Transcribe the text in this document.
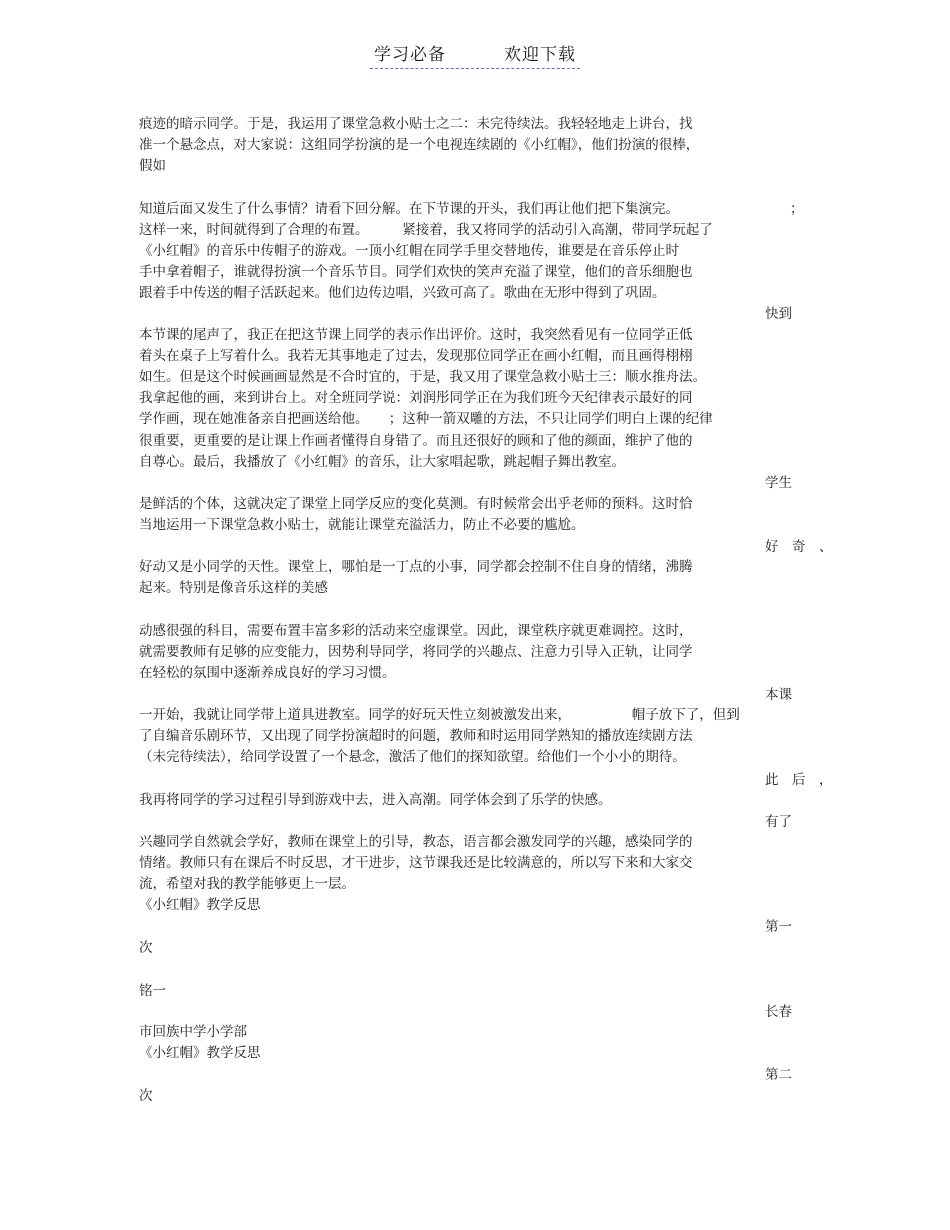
学习必备	欢迎下载
痕迹的暗示同学。于是，我运用了课堂急救小贴士之二：未完待续法。我轻轻地走上讲台，找
准一个悬念点，对大家说：这组同学扮演的是一个电视连续剧的《小红帽》，他们扮演的很棒，
假如
知道后面又发生了什么事情？请看下回分解。在下节课的开头，我们再让他们把下集演完。
这样一来，时间就得到了合理的布置。　　　紧接着，我又将同学的活动引入高潮，带同学玩起了
《小红帽》的音乐中传帽子的游戏。一顶小红帽在同学手里交替地传，谁要是在音乐停止时
手中拿着帽子，谁就得扮演一个音乐节目。同学们欢快的笑声充溢了课堂，他们的音乐细胞也
跟着手中传送的帽子活跃起来。他们边传边唱，兴致可高了。歌曲在无形中得到了巩固。
本节课的尾声了，我正在把这节课上同学的表示作出评价。这时，我突然看见有一位同学正低
着头在桌子上写着什么。我若无其事地走了过去，发现那位同学正在画小红帽，而且画得栩栩
如生。但是这个时候画画显然是不合时宜的，于是，我又用了课堂急救小贴士三：顺水推舟法。
我拿起他的画，来到讲台上。对全班同学说：刘润彤同学正在为我们班今天纪律表示最好的同
学作画，现在她准备亲自把画送给他。　　；这种一箭双雕的方法，不只让同学们明白上课的纪律
很重要，更重要的是让课上作画者懂得自身错了。而且还很好的顾和了他的颜面，维护了他的
自尊心。最后，我播放了《小红帽》的音乐，让大家唱起歌，跳起帽子舞出教室。
是鲜活的个体，这就决定了课堂上同学反应的变化莫测。有时候常会出乎老师的预料。这时恰
当地运用一下课堂急救小贴士，就能让课堂充溢活力，防止不必要的尴尬。
好动又是小同学的天性。课堂上，哪怕是一丁点的小事，同学都会控制不住自身的情绪，沸腾
起来。特别是像音乐这样的美感
动感很强的科目，需要布置丰富多彩的活动来空虚课堂。因此，课堂秩序就更难调控。这时，
就需要教师有足够的应变能力，因势利导同学，将同学的兴趣点、注意力引导入正轨，让同学
在轻松的氛围中逐渐养成良好的学习习惯。
一开始，我就让同学带上道具进教室。同学的好玩天性立刻被激发出来，　　　　　帽子放下了，但到
了自编音乐剧环节，又出现了同学扮演超时的问题，教师和时运用同学熟知的播放连续剧方法
（未完待续法），给同学设置了一个悬念，激活了他们的探知欲望。给他们一个小小的期待。
我再将同学的学习过程引导到游戏中去，进入高潮。同学体会到了乐学的快感。
兴趣同学自然就会学好，教师在课堂上的引导，教态，语言都会激发同学的兴趣，感染同学的
情绪。教师只有在课后不时反思，才干进步，这节课我还是比较满意的，所以写下来和大家交
流，希望对我的教学能够更上一层。
《小红帽》教学反思
次
铭一
市回族中学小学部
《小红帽》教学反思
次
；
快到
学生
好　奇　、
本课
此　后　，
有了
第一
长春
第二
